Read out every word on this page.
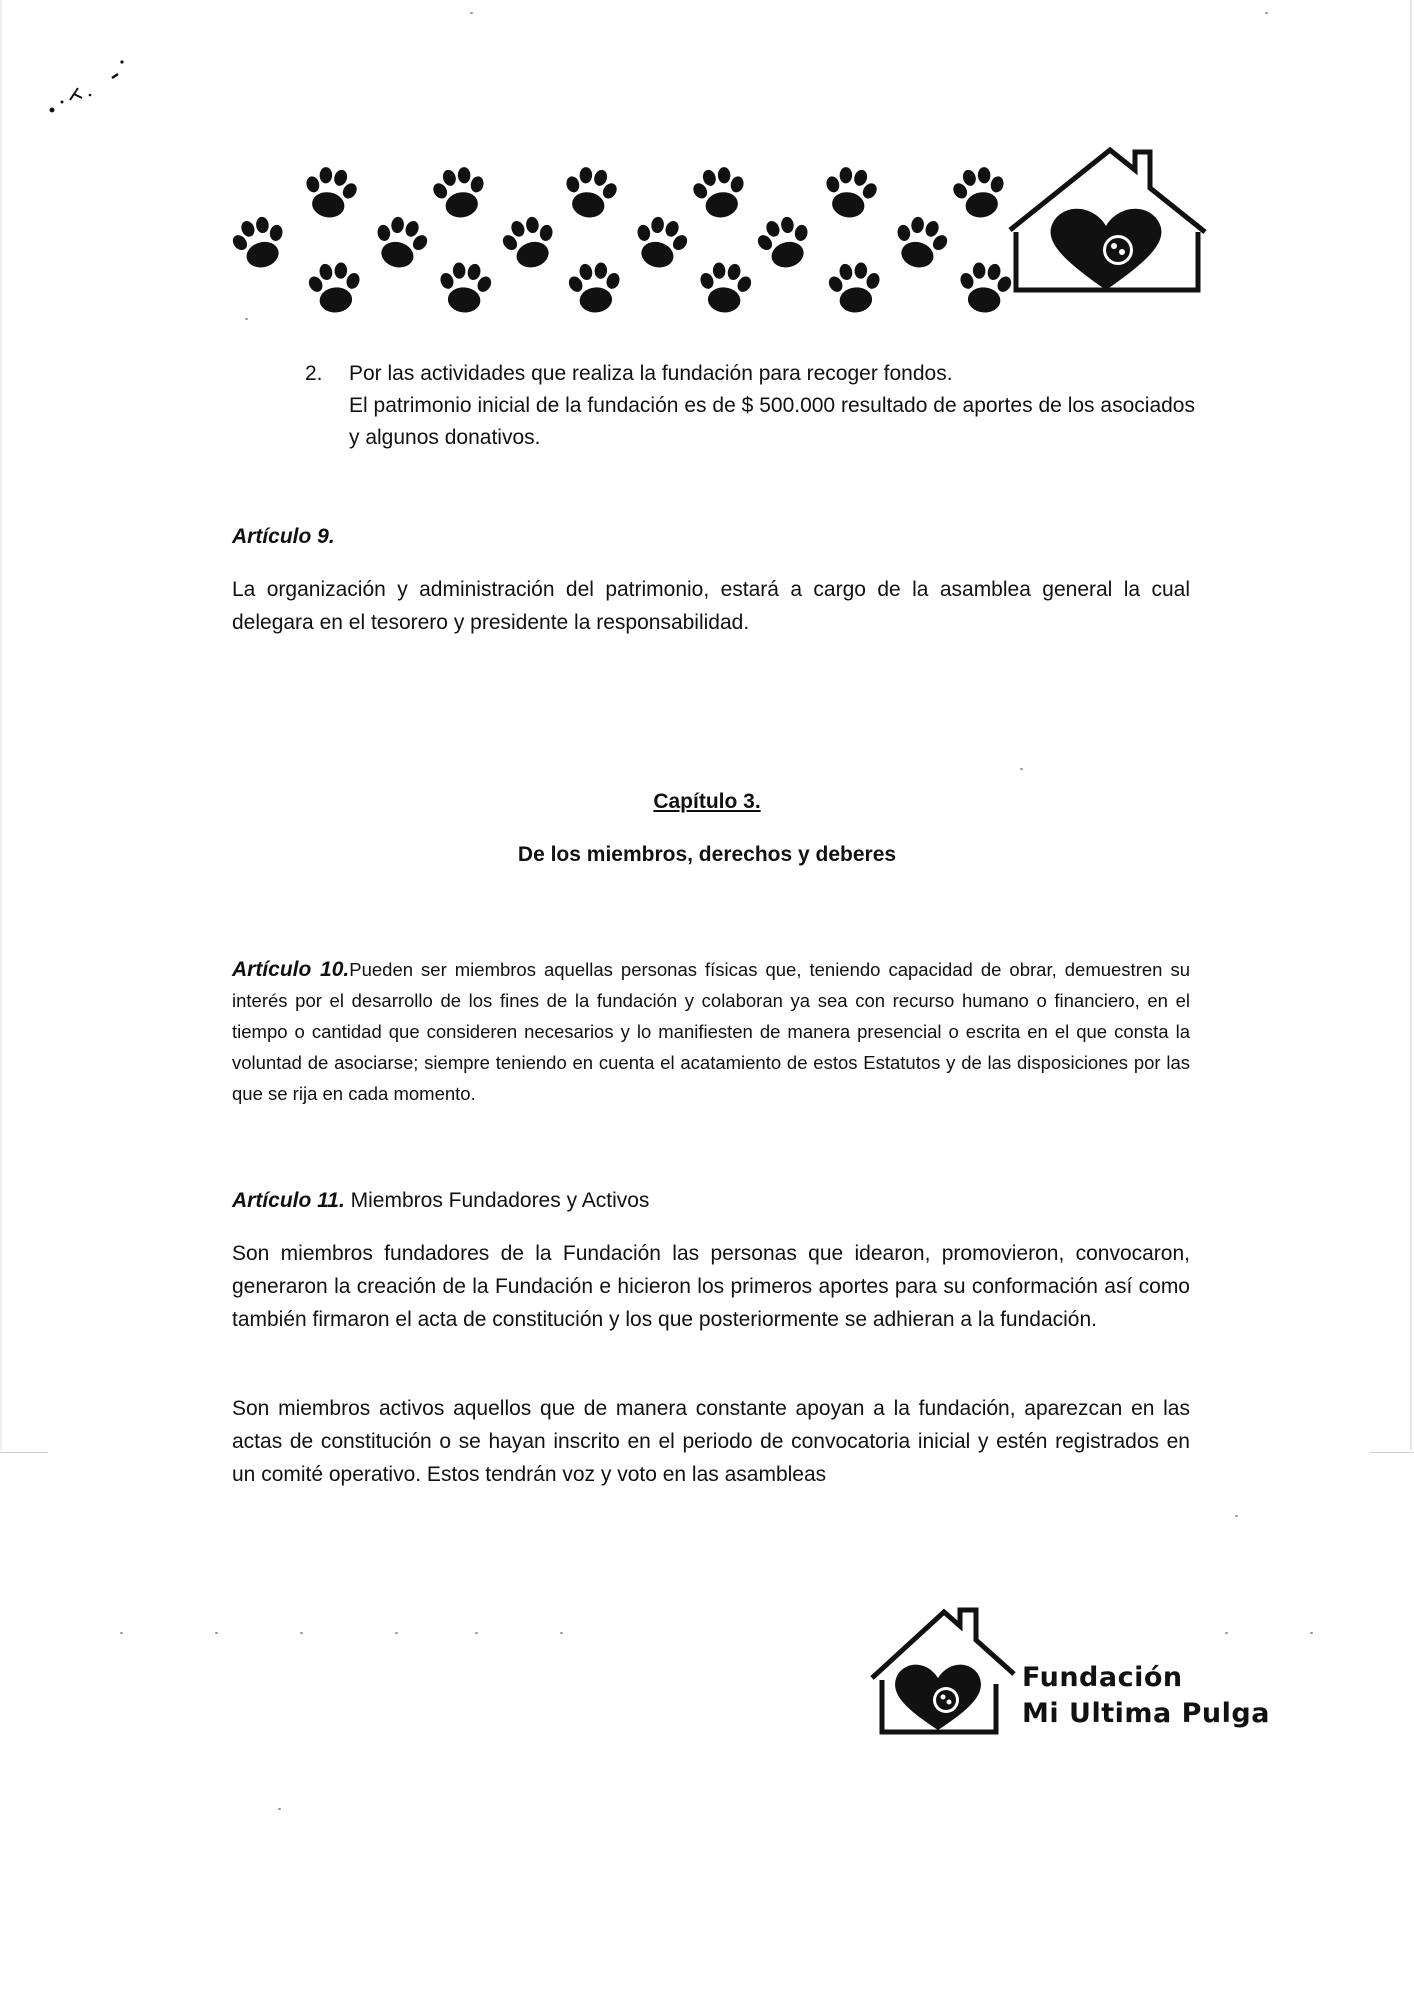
2. Por las actividades que realiza la fundación para recoger fondos.

El patrimonio inicial de la fundación es de $ 500.000 resultado de aportes de los asociados y algunos donativos.

Artículo 9.

La organización y administración del patrimonio, estará a cargo de la asamblea general la cual delegara en el tesorero y presidente la responsabilidad.

Capítulo 3.
De los miembros, derechos y deberes

Artículo 10.Pueden ser miembros aquellas personas físicas que, teniendo capacidad de obrar, demuestren su interés por el desarrollo de los fines de la fundación y colaboran ya sea con recurso humano o financiero, en el tiempo o cantidad que consideren necesarios y lo manifiesten de manera presencial o escrita en el que consta la voluntad de asociarse; siempre teniendo en cuenta el acatamiento de estos Estatutos y de las disposiciones por las que se rija en cada momento.

Artículo 11. Miembros Fundadores y Activos

Son miembros fundadores de la Fundación las personas que idearon, promovieron, convocaron, generaron la creación de la Fundación e hicieron los primeros aportes para su conformación así como también firmaron el acta de constitución y los que posteriormente se adhieran a la fundación.

Son miembros activos aquellos que de manera constante apoyan a la fundación, aparezcan en las actas de constitución o se hayan inscrito en el periodo de convocatoria inicial y estén registrados en un comité operativo. Estos tendrán voz y voto en las asambleas

Fundación
Mi Ultima Pulga
